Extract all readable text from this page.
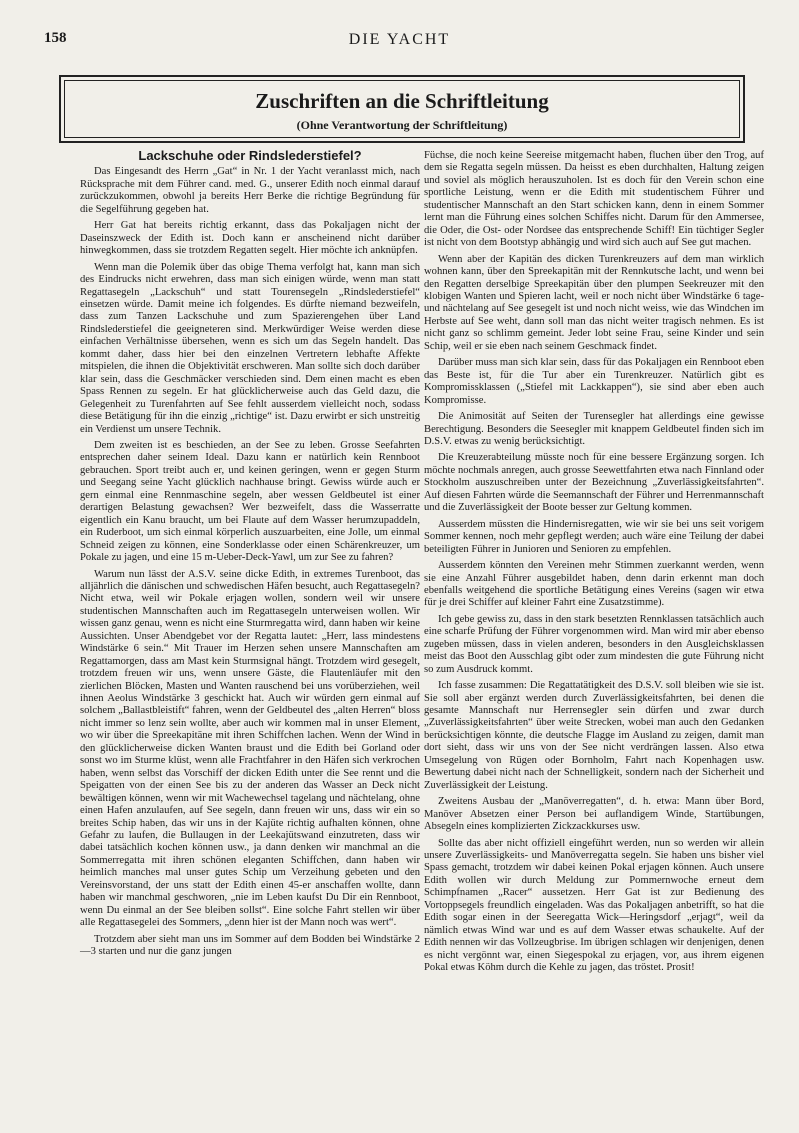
158	DIE YACHT
Zuschriften an die Schriftleitung
(Ohne Verantwortung der Schriftleitung)
Lackschuhe oder Rindslederstiefel?

Das Eingesandt des Herrn „Gat“ in Nr. 1 der Yacht veranlasst mich, nach Rücksprache mit dem Führer cand. med. G., unserer Edith noch einmal darauf zurückzukommen, obwohl ja bereits Herr Berke die richtige Begründung für die Segelführung gegeben hat.

Herr Gat hat bereits richtig erkannt, dass das Pokaljagen nicht der Daseinszweck der Edith ist. Doch kann er anscheinend nicht darüber hinwegkommen, dass sie trotzdem Regatten segelt. Hier möchte ich anknüpfen.

Wenn man die Polemik über das obige Thema verfolgt hat, kann man sich des Eindrucks nicht erwehren, dass man sich einigen würde, wenn man statt Regattasegeln „Lackschuh“ und statt Tourensegeln „Rindslederstiefel“ einsetzen würde. Damit meine ich folgendes. Es dürfte niemand bezweifeln, dass zum Tanzen Lackschuhe und zum Spazierengehen über Land Rindslederstiefel die geeigneteren sind. Merkwürdiger Weise werden diese einfachen Verhältnisse übersehen, wenn es sich um das Segeln handelt. Das kommt daher, dass hier bei den einzelnen Vertretern lebhafte Affekte mitspielen, die ihnen die Objektivität erschweren. Man sollte sich doch darüber klar sein, dass die Geschmäcker verschieden sind. Dem einen macht es eben Spass Rennen zu segeln. Er hat glücklicherweise auch das Geld dazu, die Gelegenheit zu Turenfahrten auf See fehlt ausserdem vielleicht noch, sodass diese Betätigung für ihn die einzig „richtige“ ist. Dazu erwirbt er sich unstreitig ein Verdienst um unsere Technik.

Dem zweiten ist es beschieden, an der See zu leben. Grosse Seefahrten entsprechen daher seinem Ideal. Dazu kann er natürlich kein Rennboot gebrauchen. Sport treibt auch er, und keinen geringen, wenn er gegen Sturm und Seegang seine Yacht glücklich nachhause bringt. Gewiss würde auch er gern einmal eine Rennmaschine segeln, aber wessen Geldbeutel ist einer derartigen Belastung gewachsen? Wer bezweifelt, dass die Wasserratte eigentlich ein Kanu braucht, um bei Flaute auf dem Wasser herumzupaddeln, ein Ruderboot, um sich einmal körperlich auszuarbeiten, eine Jolle, um einmal Schneid zeigen zu können, eine Sonderklasse oder einen Schärenkreuzer, um Pokale zu jagen, und eine 15 m-Ueber-Deck-Yawl, um zur See zu fahren?

Warum nun lässt der A.S.V. seine dicke Edith, in extremes Turenboot, das alljährlich die dänischen und schwedischen Häfen besucht, auch Regattasegeln? Nicht etwa, weil wir Pokale erjagen wollen, sondern weil wir unsere studentischen Mannschaften auch im Regattasegeln unterweisen wollen. Wir wissen ganz genau, wenn es nicht eine Sturmregatta wird, dann haben wir keine Aussichten. Unser Abendgebet vor der Regatta lautet: „Herr, lass mindestens Windstärke 6 sein.“ Mit Trauer im Herzen sehen unsere Mannschaften am Regattamorgen, dass am Mast kein Sturmsignal hängt. Trotzdem wird gesegelt, trotzdem freuen wir uns, wenn unsere Gäste, die Flautenläufer mit den zierlichen Blöcken, Masten und Wanten rauschend bei uns vorüberziehen, weil ihnen Aeolus Windstärke 3 geschickt hat. Auch wir würden gern einmal auf solchem „Ballastbleistift“ fahren, wenn der Geldbeutel des „alten Herren“ bloss nicht immer so lenz sein wollte, aber auch wir kommen mal in unser Element, wo wir über die Spreekapitäne mit ihren Schiffchen lachen. Wenn der Wind in den glücklicherweise dicken Wanten braust und die Edith bei Gorland oder sonst wo im Sturme klüst, wenn alle Frachtfahrer in den Häfen sich verkrochen haben, wenn selbst das Vorschiff der dicken Edith unter die See rennt und die Speigatten von der einen See bis zu der anderen das Wasser an Deck nicht bewältigen können, wenn wir mit Wachewechsel tagelang und nächtelang, ohne einen Hafen anzulaufen, auf See segeln, dann freuen wir uns, dass wir ein so breites Schip haben, das wir uns in der Kajüte richtig aufhalten können, ohne Gefahr zu laufen, die Bullaugen in der Leekajütswand einzutreten, dass wir dabei tatsächlich kochen können usw., ja dann denken wir manchmal an die Sommerregatta mit ihren schönen eleganten Schiffchen, dann haben wir heimlich manches mal unser gutes Schip um Verzeihung gebeten und den Vereinsvorstand, der uns statt der Edith einen 45-er anschaffen wollte, dann haben wir manchmal geschworen, „nie im Leben kaufst Du Dir ein Rennboot, wenn Du einmal an der See bleiben sollst“. Eine solche Fahrt stellen wir über alle Regattasegelei des Sommers, „denn hier ist der Mann noch was wert“.

Trotzdem aber sieht man uns im Sommer auf dem Bodden bei Windstärke 2—3 starten und nur die ganz jungen

Füchse, die noch keine Seereise mitgemacht haben, fluchen über den Trog, auf dem sie Regatta segeln müssen. Da heisst es eben durchhalten, Haltung zeigen und soviel als möglich herauszuholen. Ist es doch für den Verein schon eine sportliche Leistung, wenn er die Edith mit studentischem Führer und studentischer Mannschaft an den Start schicken kann, denn in einem Sommer lernt man die Führung eines solchen Schiffes nicht. Darum für den Ammersee, die Oder, die Ost- oder Nordsee das entsprechende Schiff! Ein tüchtiger Segler ist nicht von dem Bootstyp abhängig und wird sich auch auf See gut machen.

Wenn aber der Kapitän des dicken Turenkreuzers auf dem man wirklich wohnen kann, über den Spreekapitän mit der Rennkutsche lacht, und wenn bei den Regatten derselbige Spreekapitän über den plumpen Seekreuzer mit den klobigen Wanten und Spieren lacht, weil er noch nicht über Windstärke 6 tage- und nächtelang auf See gesegelt ist und noch nicht weiss, wie das Windchen im Herbste auf See weht, dann soll man das nicht weiter tragisch nehmen. Es ist nicht ganz so schlimm gemeint. Jeder lobt seine Frau, seine Kinder und sein Schip, weil er sie eben nach seinem Geschmack findet.

Darüber muss man sich klar sein, dass für das Pokaljagen ein Rennboot eben das Beste ist, für die Tur aber ein Turenkreuzer. Natürlich gibt es Kompromissklassen („Stiefel mit Lackkappen“), sie sind aber eben auch Kompromisse.

Die Animosität auf Seiten der Turensegler hat allerdings eine gewisse Berechtigung. Besonders die Seesegler mit knappem Geldbeutel finden sich im D.S.V. etwas zu wenig berücksichtigt.

Die Kreuzerabteilung müsste noch für eine bessere Ergänzung sorgen. Ich möchte nochmals anregen, auch grosse Seewettfahrten etwa nach Finnland oder Stockholm auszuschreiben unter der Bezeichnung „Zuverlässigkeitsfahrten“. Auf diesen Fahrten würde die Seemannschaft der Führer und Herrenmannschaft und die Zuverlässigkeit der Boote besser zur Geltung kommen.

Ausserdem müssten die Hindernisregatten, wie wir sie bei uns seit vorigem Sommer kennen, noch mehr gepflegt werden; auch wäre eine Teilung der dabei beteiligten Führer in Junioren und Senioren zu empfehlen.

Ausserdem könnten den Vereinen mehr Stimmen zuerkannt werden, wenn sie eine Anzahl Führer ausgebildet haben, denn darin erkennt man doch ebenfalls weitgehend die sportliche Betätigung eines Vereins (sagen wir etwa für je drei Schiffer auf kleiner Fahrt eine Zusatzstimme).

Ich gebe gewiss zu, dass in den stark besetzten Rennklassen tatsächlich auch eine scharfe Prüfung der Führer vorgenommen wird. Man wird mir aber ebenso zugeben müssen, dass in vielen anderen, besonders in den Ausgleichsklassen meist das Boot den Ausschlag gibt oder zum mindesten die gute Führung nicht so zum Ausdruck kommt.

Ich fasse zusammen: Die Regattatätigkeit des D.S.V. soll bleiben wie sie ist. Sie soll aber ergänzt werden durch Zuverlässigkeitsfahrten, bei denen die gesamte Mannschaft nur Herrensegler sein dürfen und zwar durch „Zuverlässigkeitsfahrten“ über weite Strecken, wobei man auch den Gedanken berücksichtigen könnte, die deutsche Flagge im Ausland zu zeigen, damit man dort sieht, dass wir uns von der See nicht verdrängen lassen. Also etwa Umsegelung von Rügen oder Bornholm, Fahrt nach Kopenhagen usw. Bewertung dabei nicht nach der Schnelligkeit, sondern nach der Sicherheit und Zuverlässigkeit der Leistung.

Zweitens Ausbau der „Manöverregatten“, d. h. etwa: Mann über Bord, Manöver Absetzen einer Person bei auflandigem Winde, Startübungen, Absegeln eines komplizierten Zickzackkurses usw.

Sollte das aber nicht offiziell eingeführt werden, nun so werden wir allein unsere Zuverlässigkeits- und Manöverregatta segeln. Sie haben uns bisher viel Spass gemacht, trotzdem wir dabei keinen Pokal erjagen können. Auch unsere Edith wollen wir durch Meldung zur Pommernwoche erneut dem Schimpfnamen „Racer“ aussetzen. Herr Gat ist zur Bedienung des Vortoppsegels freundlich eingeladen. Was das Pokaljagen anbetrifft, so hat die Edith sogar einen in der Seeregatta Wick—Heringsdorf „erjagt“, weil da nämlich etwas Wind war und es auf dem Wasser etwas schaukelte. Auf der Edith nennen wir das Vollzeugbrise. Im übrigen schlagen wir denjenigen, denen es nicht vergönnt war, einen Siegespokal zu erjagen, vor, aus ihrem eigenen Pokal etwas Köhm durch die Kehle zu jagen, das tröstet. Prosit!
